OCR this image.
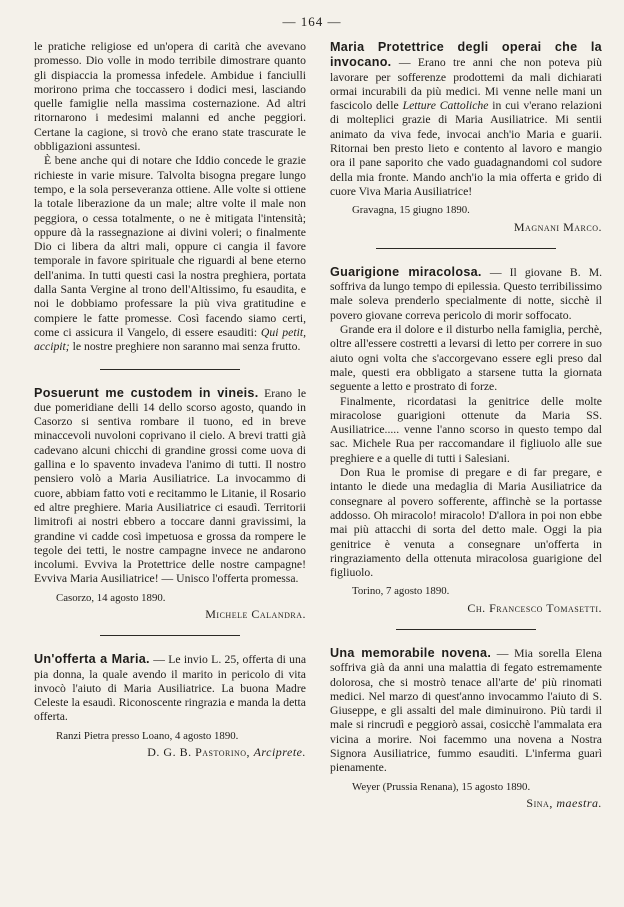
— 164 —

le pratiche religiose ed un'opera di carità che avevano promesso. Dio volle in modo terribile dimostrare quanto gli dispiaccia la promessa infedele. Ambidue i fanciulli morirono prima che toccassero i dodici mesi, lasciando quelle famiglie nella massima costernazione. Ad altri ritornarono i medesimi malanni ed anche peggiori. Certane la cagione, si trovò che erano state trascurate le obbligazioni assuntesi.

È bene anche qui di notare che Iddio concede le grazie richieste in varie misure. Talvolta bisogna pregare lungo tempo, e la sola perseveranza ottiene. Alle volte si ottiene la totale liberazione da un male; altre volte il male non peggiora, o cessa totalmente, o ne è mitigata l'intensità; oppure dà la rassegnazione ai divini voleri; o finalmente Dio ci libera da altri mali, oppure ci cangia il favore temporale in favore spirituale che riguardi al bene eterno dell'anima. In tutti questi casi la nostra preghiera, portata dalla Santa Vergine al trono dell'Altissimo, fu esaudita, e noi le dobbiamo professare la più viva gratitudine e compiere le fatte promesse. Così facendo siamo certi, come ci assicura il Vangelo, di essere esauditi: Qui petit, accipit; le nostre preghiere non saranno mai senza frutto.

Posuerunt me custodem in vineis. Erano le due pomeridiane delli 14 dello scorso agosto, quando in Casorzo si sentiva rombare il tuono, ed in breve minaccevoli nuvoloni coprivano il cielo. A brevi tratti già cadevano alcuni chicchi di grandine grossi come uova di gallina e lo spavento invadeva l'animo di tutti. Il nostro pensiero volò a Maria Ausiliatrice. La invocammo di cuore, abbiam fatto voti e recitammo le Litanie, il Rosario ed altre preghiere. Maria Ausiliatrice ci esaudì. Territorii limitrofi ai nostri ebbero a toccare danni gravissimi, la grandine vi cadde così impetuosa e grossa da rompere le tegole dei tetti, le nostre campagne invece ne andarono incolumi. Evviva la Protettrice delle nostre campagne! Evviva Maria Ausiliatrice! — Unisco l'offerta promessa.

Casorzo, 14 agosto 1890.
Michele Calandra.

Un'offerta a Maria. — Le invio L. 25, offerta di una pia donna, la quale avendo il marito in pericolo di vita invocò l'aiuto di Maria Ausiliatrice. La buona Madre Celeste la esaudì. Riconoscente ringrazia e manda la detta offerta.

Ranzi Pietra presso Loano, 4 agosto 1890.
D. G. B. Pastorino, Arciprete.

Maria Protettrice degli operai che la invocano. — Erano tre anni che non poteva più lavorare per sofferenze prodottemi da mali dichiarati ormai incurabili da più medici. Mi venne nelle mani un fascicolo delle Letture Cattoliche in cui v'erano relazioni di molteplici grazie di Maria Ausiliatrice. Mi sentii animato da viva fede, invocai anch'io Maria e guarii. Ritornai ben presto lieto e contento al lavoro e mangio ora il pane saporito che vado guadagnandomi col sudore della mia fronte. Mando anch'io la mia offerta e grido di cuore Viva Maria Ausiliatrice!

Gravagna, 15 giugno 1890.
Magnani Marco.

Guarigione miracolosa. — Il giovane B. M. soffriva da lungo tempo di epilessia. Questo terribilissimo male soleva prenderlo specialmente di notte, sicchè il povero giovane correva pericolo di morir soffocato.

Grande era il dolore e il disturbo nella famiglia, perchè, oltre all'essere costretti a levarsi di letto per correre in suo aiuto ogni volta che s'accorgevano essere egli preso dal male, questi era obbligato a starsene tutta la giornata seguente a letto e prostrato di forze.

Finalmente, ricordatasi la genitrice delle molte miracolose guarigioni ottenute da Maria SS. Ausiliatrice..... venne l'anno scorso in questo tempo dal sac. Michele Rua per raccomandare il figliuolo alle sue preghiere e a quelle di tutti i Salesiani.

Don Rua le promise di pregare e di far pregare, e intanto le diede una medaglia di Maria Ausiliatrice da consegnare al povero sofferente, affinchè se la portasse addosso. Oh miracolo! miracolo! D'allora in poi non ebbe mai più attacchi di sorta del detto male. Oggi la pia genitrice è venuta a consegnare un'offerta in ringraziamento della ottenuta miracolosa guarigione del figliuolo.

Torino, 7 agosto 1890.
Ch. Francesco Tomasetti.

Una memorabile novena. — Mia sorella Elena soffriva già da anni una malattia di fegato estremamente dolorosa, che si mostrò tenace all'arte de' più rinomati medici. Nel marzo di quest'anno invocammo l'aiuto di S. Giuseppe, e gli assalti del male diminuirono. Più tardi il male si rincrudì e peggiorò assai, cosicchè l'ammalata era vicina a morire. Noi facemmo una novena a Nostra Signora Ausiliatrice, fummo esauditi. L'inferma guarì pienamente.

Weyer (Prussia Renana), 15 agosto 1890.
Sina, maestra.
